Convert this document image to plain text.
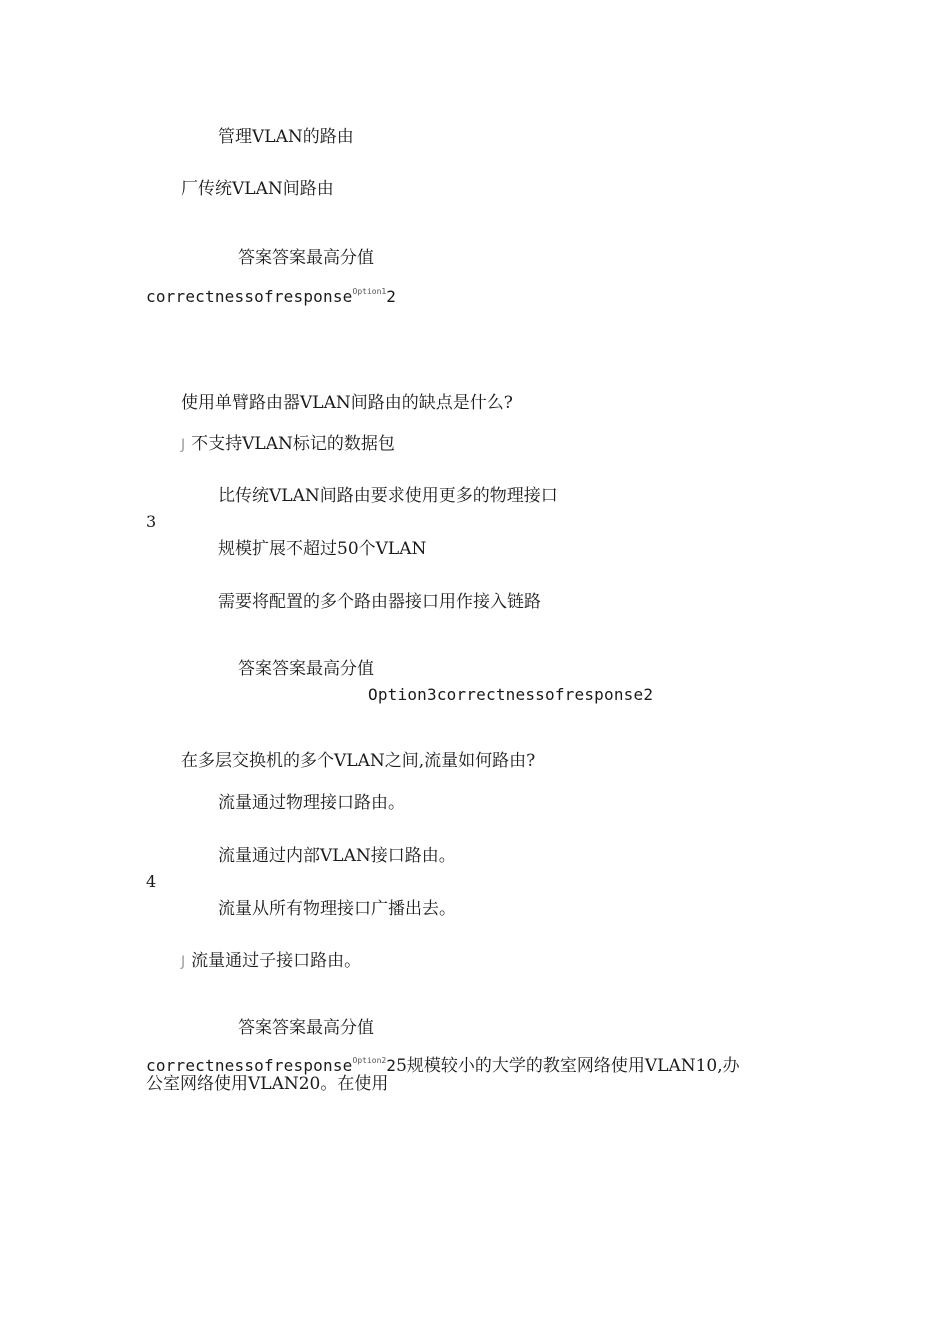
管理VLAN的路由
厂传统VLAN间路由
答案答案最高分值
correctnessofresponse$^{Option1}$2
使用单臂路由器VLAN间路由的缺点是什么?
J 不支持VLAN标记的数据包
比传统VLAN间路由要求使用更多的物理接口
3
规模扩展不超过50个VLAN
需要将配置的多个路由器接口用作接入链路
答案答案最高分值
Option3correctnessofresponse2
在多层交换机的多个VLAN之间,流量如何路由?
流量通过物理接口路由。
流量通过内部VLAN接口路由。
4
流量从所有物理接口广播出去。
J 流量通过子接口路由。
答案答案最高分值
correctnessofresponse$^{Option2}$25规模较小的大学的教室网络使用VLAN10,办
公室网络使用VLAN20。在使用
